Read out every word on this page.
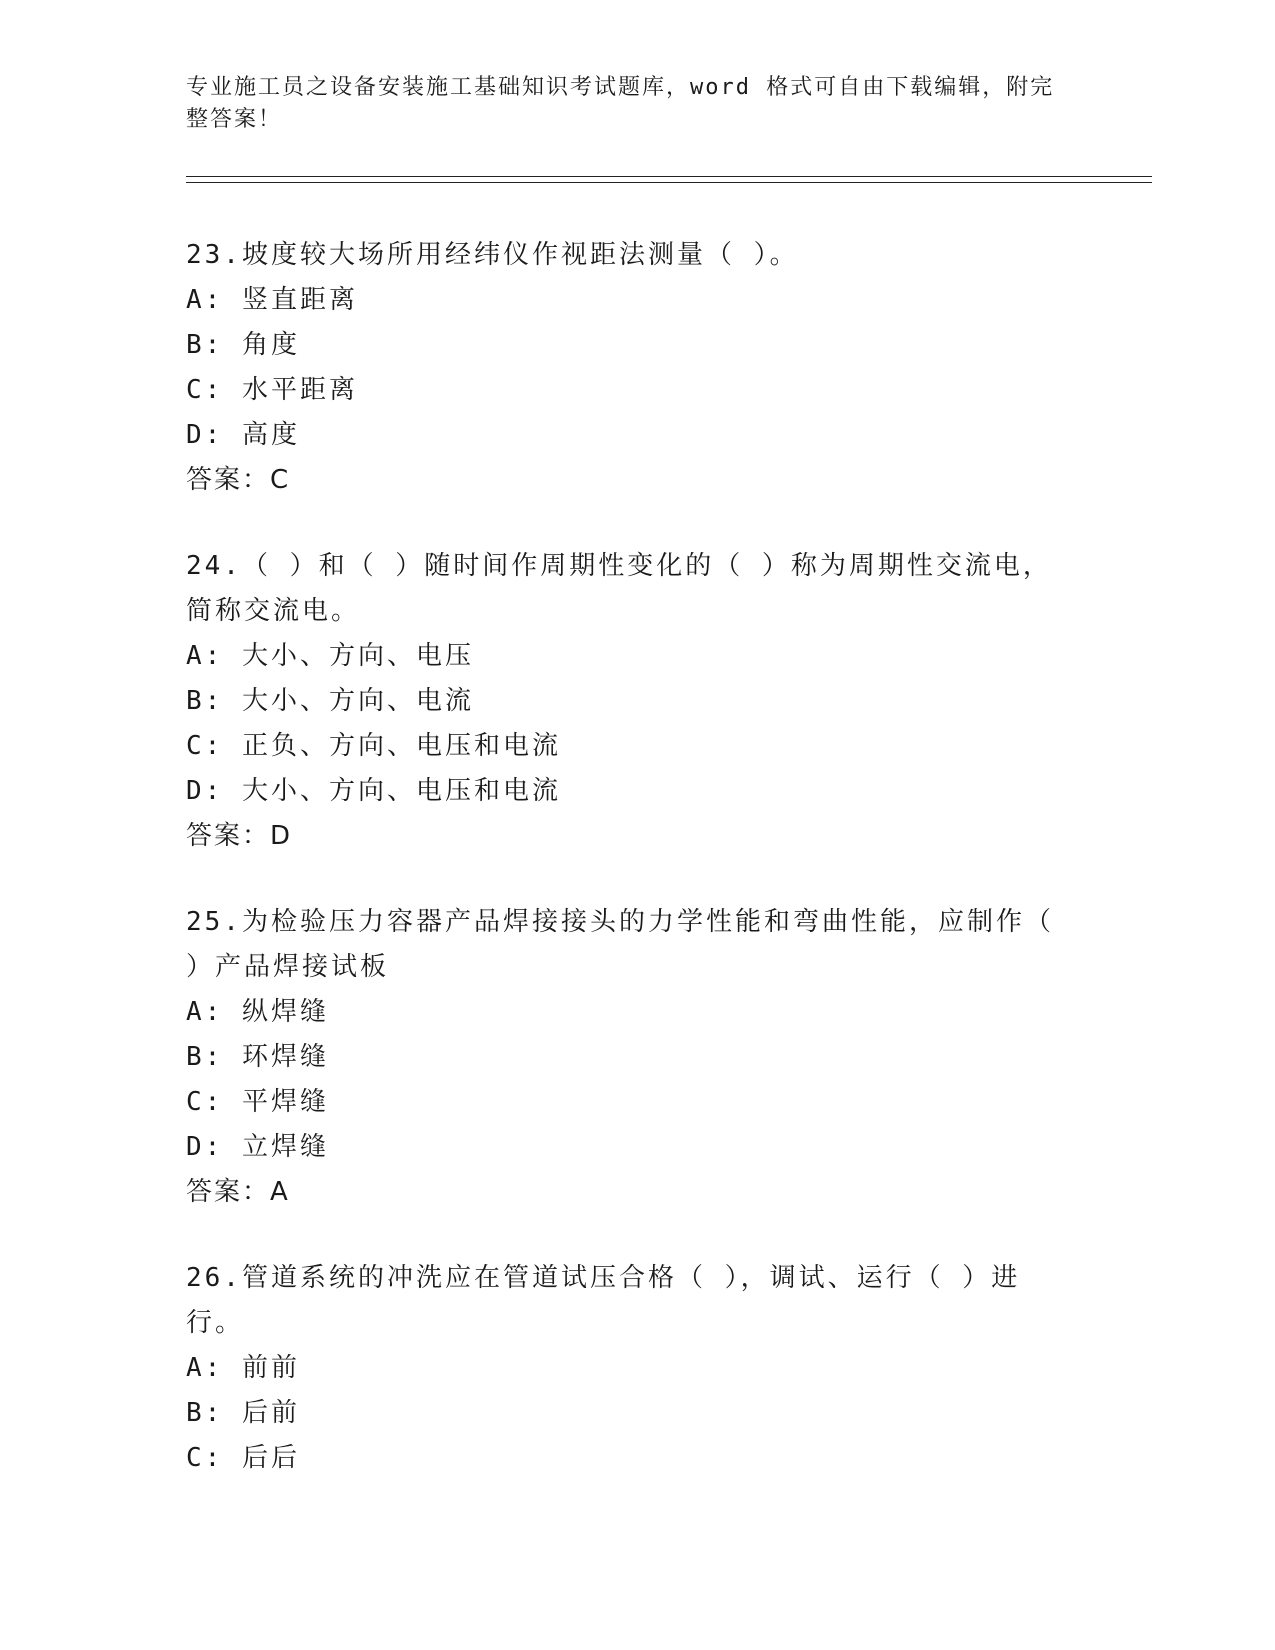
专业施工员之设备安装施工基础知识考试题库，word 格式可自由下载编辑，附完整答案！

23.坡度较大场所用经纬仪作视距法测量（ ）。

A: 竖直距离

B: 角度

C: 水平距离

D: 高度

答案：C

24.（ ）和（ ）随时间作周期性变化的（ ）称为周期性交流电，简称交流电。

A: 大小、方向、电压

B: 大小、方向、电流

C: 正负、方向、电压和电流

D: 大小、方向、电压和电流

答案：D

25.为检验压力容器产品焊接接头的力学性能和弯曲性能，应制作（ ）产品焊接试板

A: 纵焊缝

B: 环焊缝

C: 平焊缝

D: 立焊缝

答案：A

26.管道系统的冲洗应在管道试压合格（ ），调试、运行（ ）进行。

A: 前前

B: 后前

C: 后后
